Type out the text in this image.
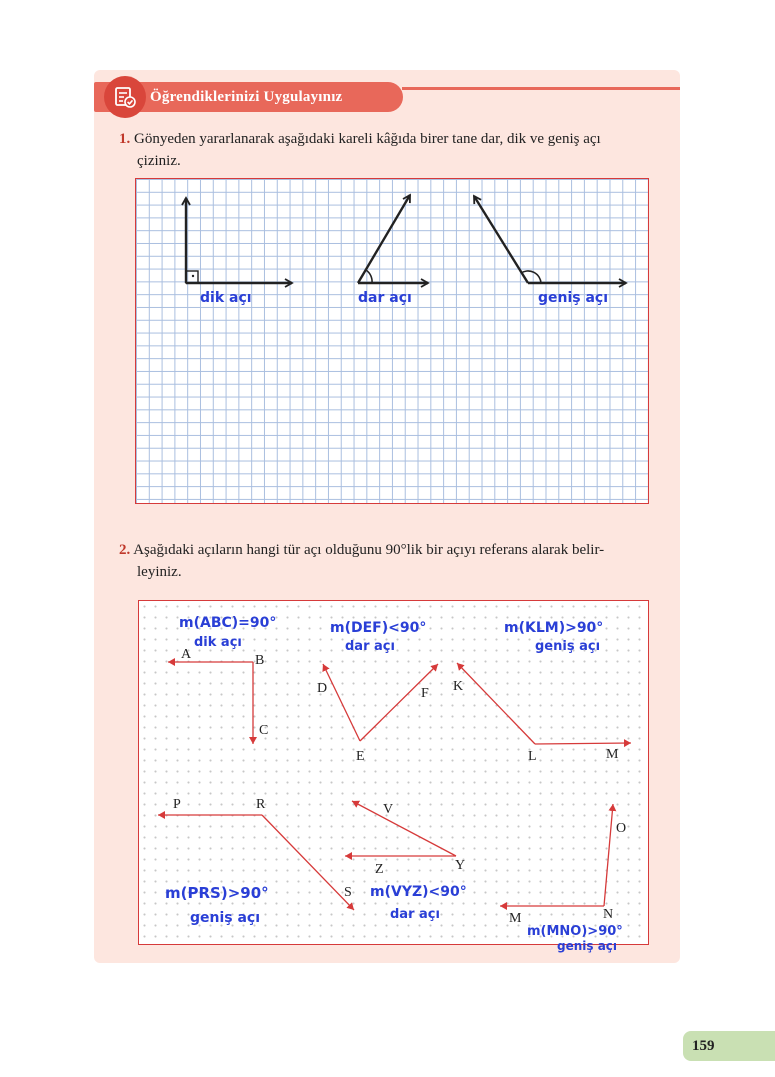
Öğrendiklerinizi Uygulayınız
1. Gönyeden yararlanarak aşağıdaki kareli kâğıda birer tane dar, dik ve geniş açı
çiziniz.
2. Aşağıdaki açıların hangi tür açı olduğunu 90°lik bir açıyı referans alarak belir-
leyiniz.
dik açı	dar açı	geniş açı
A	B
C
D
E
F K
L	M
P	R
S
V
Y
Z
M	N
O
m(ABC)=90°
dik açı
m(DEF)<90°
dar açı
m(KLM)>90°
geniş açı
m(PRS)>90°
geniş açı
m(VYZ)<90°
dar açı
m(MNO)>90°
geniş açı
159
